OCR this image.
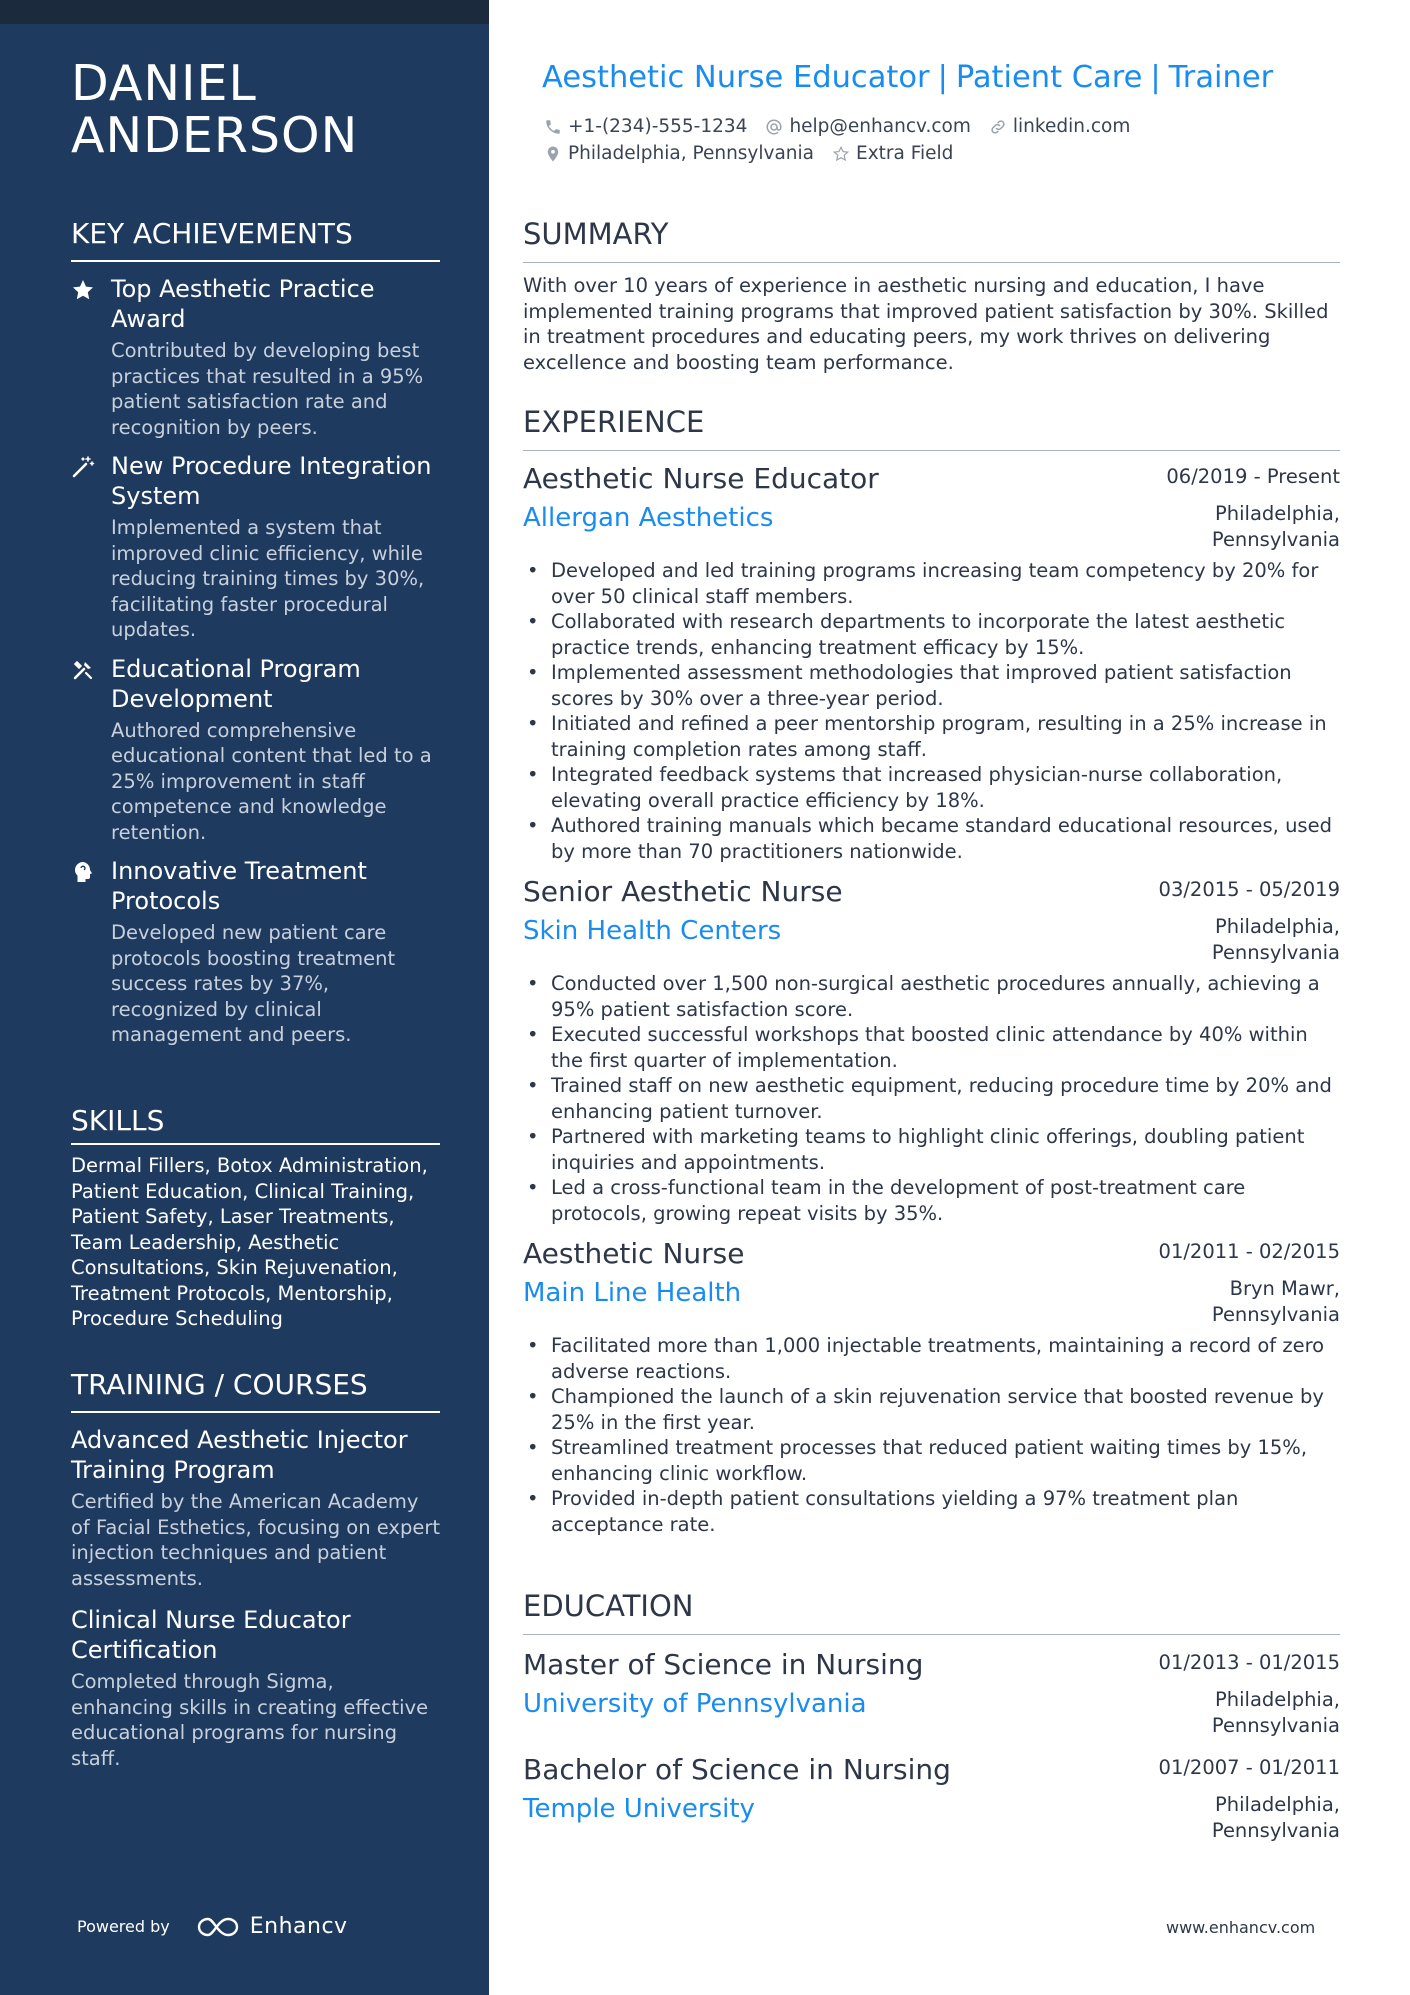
DANIEL
ANDERSON
KEY ACHIEVEMENTS
Top Aesthetic Practice Award
Contributed by developing best practices that resulted in a 95% patient satisfaction rate and recognition by peers.
New Procedure Integration System
Implemented a system that improved clinic efficiency, while reducing training times by 30%, facilitating faster procedural updates.
Educational Program Development
Authored comprehensive educational content that led to a 25% improvement in staff competence and knowledge retention.
Innovative Treatment Protocols
Developed new patient care protocols boosting treatment success rates by 37%, recognized by clinical management and peers.
SKILLS
Dermal Fillers, Botox Administration, Patient Education, Clinical Training, Patient Safety, Laser Treatments, Team Leadership, Aesthetic Consultations, Skin Rejuvenation, Treatment Protocols, Mentorship, Procedure Scheduling
TRAINING / COURSES
Advanced Aesthetic Injector Training Program
Certified by the American Academy of Facial Esthetics, focusing on expert injection techniques and patient assessments.
Clinical Nurse Educator Certification
Completed through Sigma, enhancing skills in creating effective educational programs for nursing staff.
Powered by	Enhancv
Aesthetic Nurse Educator | Patient Care | Trainer
+1-(234)-555-1234 help@enhancv.com linkedin.com
Philadelphia, Pennsylvania Extra Field
SUMMARY
With over 10 years of experience in aesthetic nursing and education, I have implemented training programs that improved patient satisfaction by 30%. Skilled in treatment procedures and educating peers, my work thrives on delivering excellence and boosting team performance.
EXPERIENCE
Aesthetic Nurse Educator	06/2019 - Present
Allergan Aesthetics	Philadelphia, Pennsylvania
• Developed and led training programs increasing team competency by 20% for over 50 clinical staff members.
• Collaborated with research departments to incorporate the latest aesthetic practice trends, enhancing treatment efficacy by 15%.
• Implemented assessment methodologies that improved patient satisfaction scores by 30% over a three-year period.
• Initiated and refined a peer mentorship program, resulting in a 25% increase in training completion rates among staff.
• Integrated feedback systems that increased physician-nurse collaboration, elevating overall practice efficiency by 18%.
• Authored training manuals which became standard educational resources, used by more than 70 practitioners nationwide.
Senior Aesthetic Nurse	03/2015 - 05/2019
Skin Health Centers	Philadelphia, Pennsylvania
• Conducted over 1,500 non-surgical aesthetic procedures annually, achieving a 95% patient satisfaction score.
• Executed successful workshops that boosted clinic attendance by 40% within the first quarter of implementation.
• Trained staff on new aesthetic equipment, reducing procedure time by 20% and enhancing patient turnover.
• Partnered with marketing teams to highlight clinic offerings, doubling patient inquiries and appointments.
• Led a cross-functional team in the development of post-treatment care protocols, growing repeat visits by 35%.
Aesthetic Nurse	01/2011 - 02/2015
Main Line Health	Bryn Mawr, Pennsylvania
• Facilitated more than 1,000 injectable treatments, maintaining a record of zero adverse reactions.
• Championed the launch of a skin rejuvenation service that boosted revenue by 25% in the first year.
• Streamlined treatment processes that reduced patient waiting times by 15%, enhancing clinic workflow.
• Provided in-depth patient consultations yielding a 97% treatment plan acceptance rate.
EDUCATION
Master of Science in Nursing	01/2013 - 01/2015
University of Pennsylvania	Philadelphia, Pennsylvania
Bachelor of Science in Nursing	01/2007 - 01/2011
Temple University	Philadelphia, Pennsylvania
www.enhancv.com
